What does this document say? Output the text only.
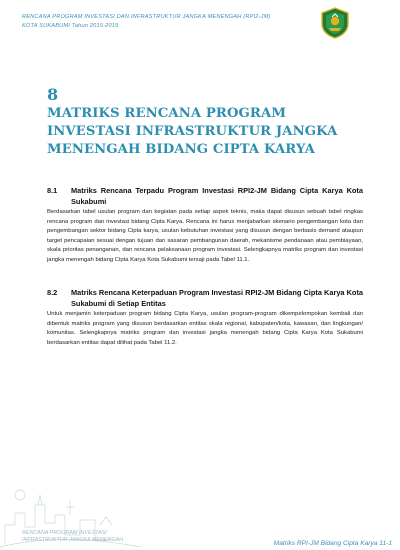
RENCANA PROGRAM INVESTASI DAN INFRASTRUKTUR JANGKA MENENGAH (RPI2-JM)
KOTA SUKABUMI Tahun 2015-2019
8
MATRIKS RENCANA PROGRAM
INVESTASI INFRASTRUKTUR JANGKA
MENENGAH BIDANG CIPTA KARYA
8.1	Matriks Rencana Terpadu Program Investasi RPI2-JM Bidang Cipta Karya Kota Sukabumi
Berdasarkan tabel usulan program dan kegiatan pada setiap aspek teknis, maka dapat disusun sebuah tabel ringkas rencana program dan investasi bidang Cipta Karya. Rencana ini harus menjabarkan skenario pengembangan kota dan pengembangan sektor bidang Cipta karya, usulan kebutuhan investasi yang disusun dengan berbasis demand ataupun target pencapaian sesuai dengan tujuan dan sasaran pembangunan daerah, mekanisme pendanaan atau pembiayaan, skala prioritas penanganan, dan rencana pelaksanaan program investasi. Selengkapnya matriks program dan investasi jangka menengah bidang Cipta Karya Kota Sukabumi tersaji pada Tabel 11.1.
8.2	Matriks Rencana Keterpaduan Program Investasi RPI2-JM Bidang Cipta Karya Kota Sukabumi di Setiap Entitas
Untuk menjamin keterpaduan program bidang Cipta Karya, usulan program-program dikempelompokan kembali dan dibentuk matriks program yang disusun berdasarkan entitas skala regional, kabupaten/kota, kawasan, dan lingkungan/ komunitas. Selengkapnya matriks program dan investasi jangka menengah bidang Cipta Karya Kota Sukabumi berdasarkan entitas dapat dilihat pada Tabel 11.2.
RENCANA PROGRAM INVESTASI
INFRASTRUKTUR JANGKA MENENGAH	Matriks RPI-JM Bidang Cipta Karya 11-1
